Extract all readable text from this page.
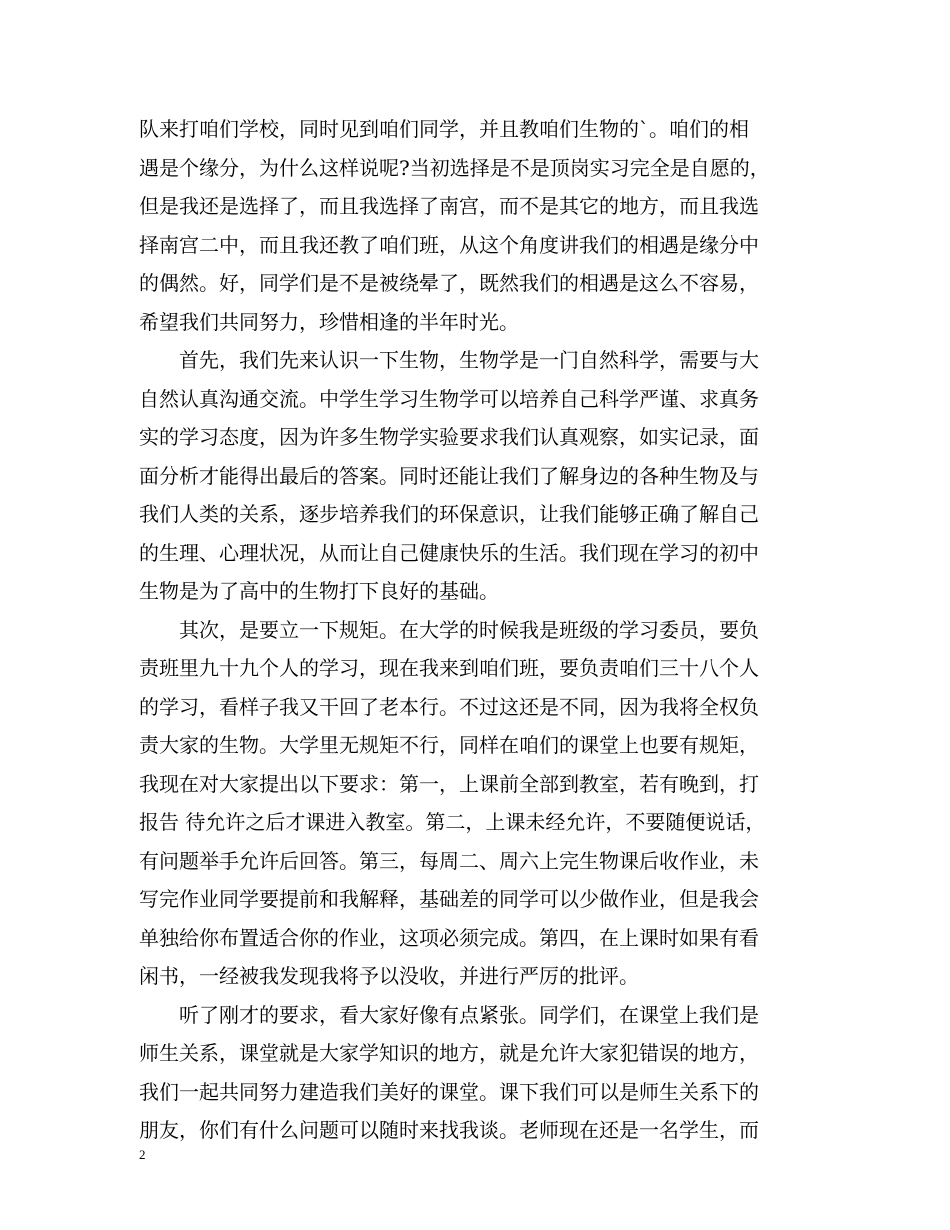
队来打咱们学校，同时见到咱们同学，并且教咱们生物的`。咱们的相
遇是个缘分，为什么这样说呢?当初选择是不是顶岗实习完全是自愿的，
但是我还是选择了，而且我选择了南宫，而不是其它的地方，而且我选
择南宫二中，而且我还教了咱们班，从这个角度讲我们的相遇是缘分中
的偶然。好，同学们是不是被绕晕了，既然我们的相遇是这么不容易，
希望我们共同努力，珍惜相逢的半年时光。
　　首先，我们先来认识一下生物，生物学是一门自然科学，需要与大
自然认真沟通交流。中学生学习生物学可以培养自己科学严谨、求真务
实的学习态度，因为许多生物学实验要求我们认真观察，如实记录，面
面分析才能得出最后的答案。同时还能让我们了解身边的各种生物及与
我们人类的关系，逐步培养我们的环保意识，让我们能够正确了解自己
的生理、心理状况，从而让自己健康快乐的生活。我们现在学习的初中
生物是为了高中的生物打下良好的基础。
　　其次，是要立一下规矩。在大学的时候我是班级的学习委员，要负
责班里九十九个人的学习，现在我来到咱们班，要负责咱们三十八个人
的学习，看样子我又干回了老本行。不过这还是不同，因为我将全权负
责大家的生物。大学里无规矩不行，同样在咱们的课堂上也要有规矩，
我现在对大家提出以下要求：第一，上课前全部到教室，若有晚到，打
报告 待允许之后才课进入教室。第二，上课未经允许，不要随便说话，
有问题举手允许后回答。第三，每周二、周六上完生物课后收作业，未
写完作业同学要提前和我解释，基础差的同学可以少做作业，但是我会
单独给你布置适合你的作业，这项必须完成。第四，在上课时如果有看
闲书，一经被我发现我将予以没收，并进行严厉的批评。
　　听了刚才的要求，看大家好像有点紧张。同学们，在课堂上我们是
师生关系，课堂就是大家学知识的地方，就是允许大家犯错误的地方，
我们一起共同努力建造我们美好的课堂。课下我们可以是师生关系下的
朋友，你们有什么问题可以随时来找我谈。老师现在还是一名学生，而
2
